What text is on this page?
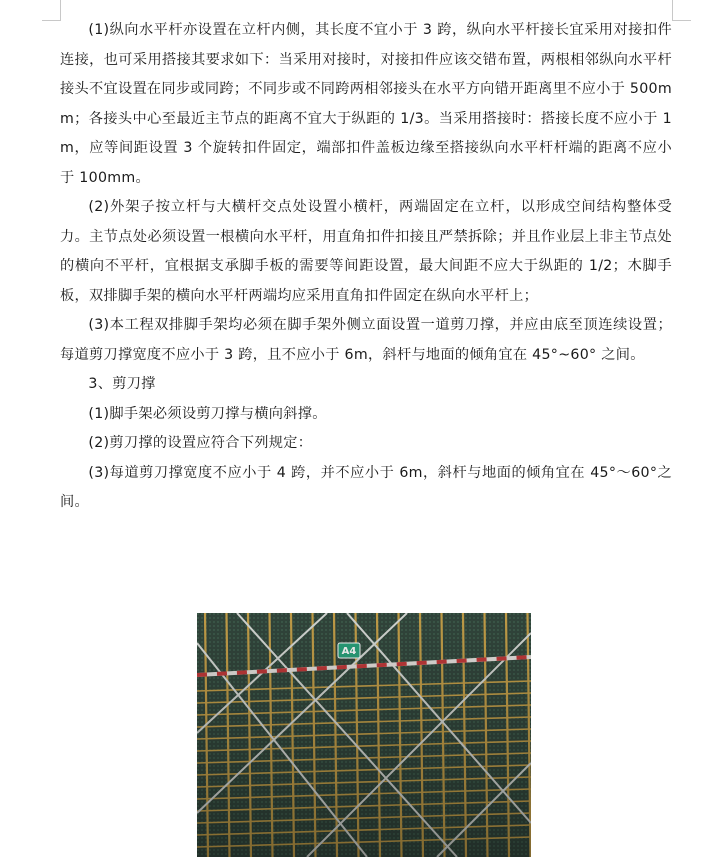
(1)纵向水平杆亦设置在立杆内侧，其长度不宜小于 3 跨，纵向水平杆接长宜采用对接扣件连接，也可采用搭接其要求如下：当采用对接时，对接扣件应该交错布置，两根相邻纵向水平杆接头不宜设置在同步或同跨；不同步或不同跨两相邻接头在水平方向错开距离里不应小于 500mm；各接头中心至最近主节点的距离不宜大于纵距的 1/3。当采用搭接时：搭接长度不应小于 1m，应等间距设置 3 个旋转扣件固定，端部扣件盖板边缘至搭接纵向水平杆杆端的距离不应小于 100mm。

(2)外架子按立杆与大横杆交点处设置小横杆，两端固定在立杆，以形成空间结构整体受力。主节点处必须设置一根横向水平杆，用直角扣件扣接且严禁拆除；并且作业层上非主节点处的横向不平杆，宜根据支承脚手板的需要等间距设置，最大间距不应大于纵距的 1/2；木脚手板，双排脚手架的横向水平杆两端均应采用直角扣件固定在纵向水平杆上；

(3)本工程双排脚手架均必须在脚手架外侧立面设置一道剪刀撑，并应由底至顶连续设置；每道剪刀撑宽度不应小于 3 跨，且不应小于 6m，斜杆与地面的倾角宜在 45°~60° 之间。

3、剪刀撑

(1)脚手架必须设剪刀撑与横向斜撑。

(2)剪刀撑的设置应符合下列规定：

(3)每道剪刀撑宽度不应小于 4 跨，并不应小于 6m，斜杆与地面的倾角宜在 45°～60°之间。
